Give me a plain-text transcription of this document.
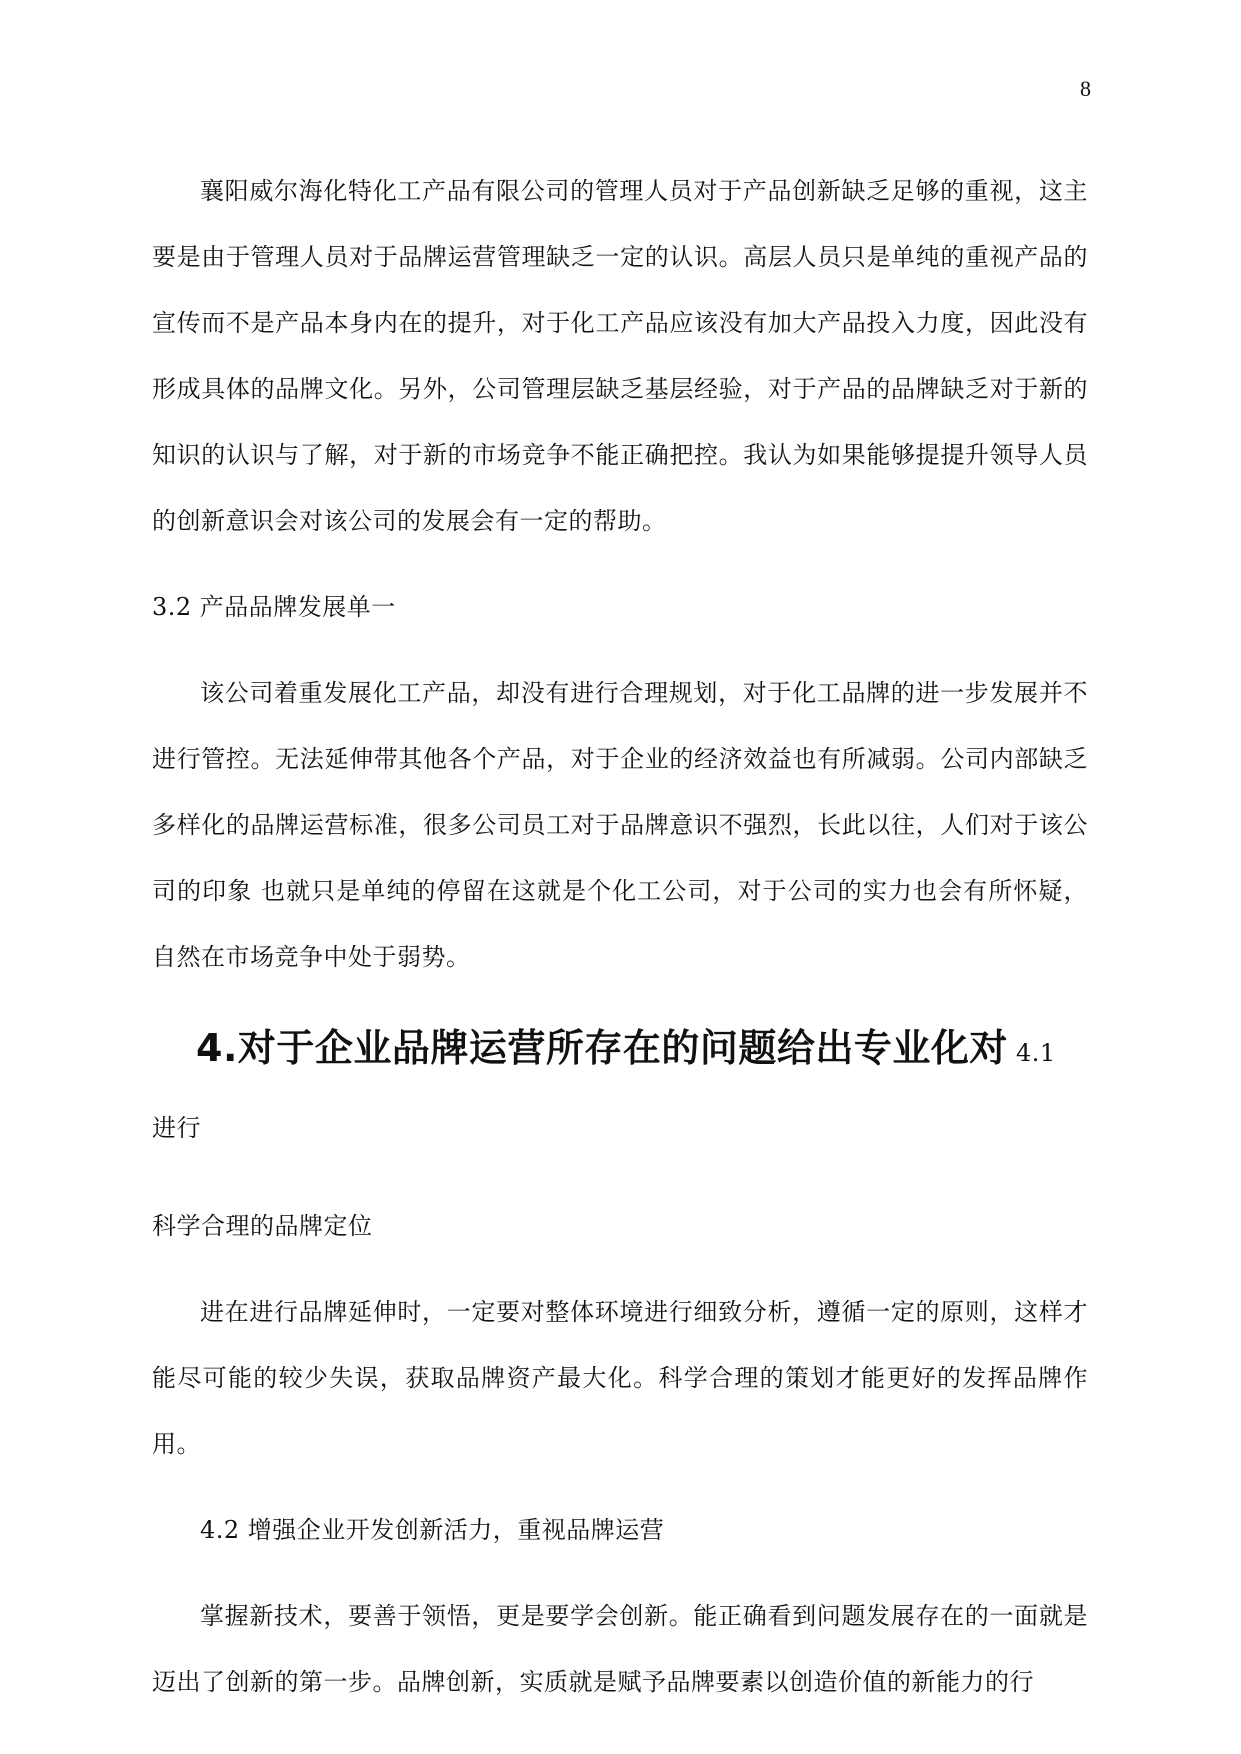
8

襄阳威尔海化特化工产品有限公司的管理人员对于产品创新缺乏足够的重视，这主要是由于管理人员对于品牌运营管理缺乏一定的认识。高层人员只是单纯的重视产品的宣传而不是产品本身内在的提升，对于化工产品应该没有加大产品投入力度，因此没有形成具体的品牌文化。另外，公司管理层缺乏基层经验，对于产品的品牌缺乏对于新的知识的认识与了解，对于新的市场竞争不能正确把控。我认为如果能够提提升领导人员的创新意识会对该公司的发展会有一定的帮助。

3.2 产品品牌发展单一

该公司着重发展化工产品，却没有进行合理规划，对于化工品牌的进一步发展并不进行管控。无法延伸带其他各个产品，对于企业的经济效益也有所减弱。公司内部缺乏多样化的品牌运营标准，很多公司员工对于品牌意识不强烈，长此以往，人们对于该公司的印象 也就只是单纯的停留在这就是个化工公司，对于公司的实力也会有所怀疑，自然在市场竞争中处于弱势。

4.对于企业品牌运营所存在的问题给出专业化对 4.1 进行

科学合理的品牌定位

进在进行品牌延伸时，一定要对整体环境进行细致分析，遵循一定的原则，这样才能尽可能的较少失误，获取品牌资产最大化。科学合理的策划才能更好的发挥品牌作用。

4.2 增强企业开发创新活力，重视品牌运营

掌握新技术，要善于领悟，更是要学会创新。能正确看到问题发展存在的一面就是迈出了创新的第一步。品牌创新，实质就是赋予品牌要素以创造价值的新能力的行
